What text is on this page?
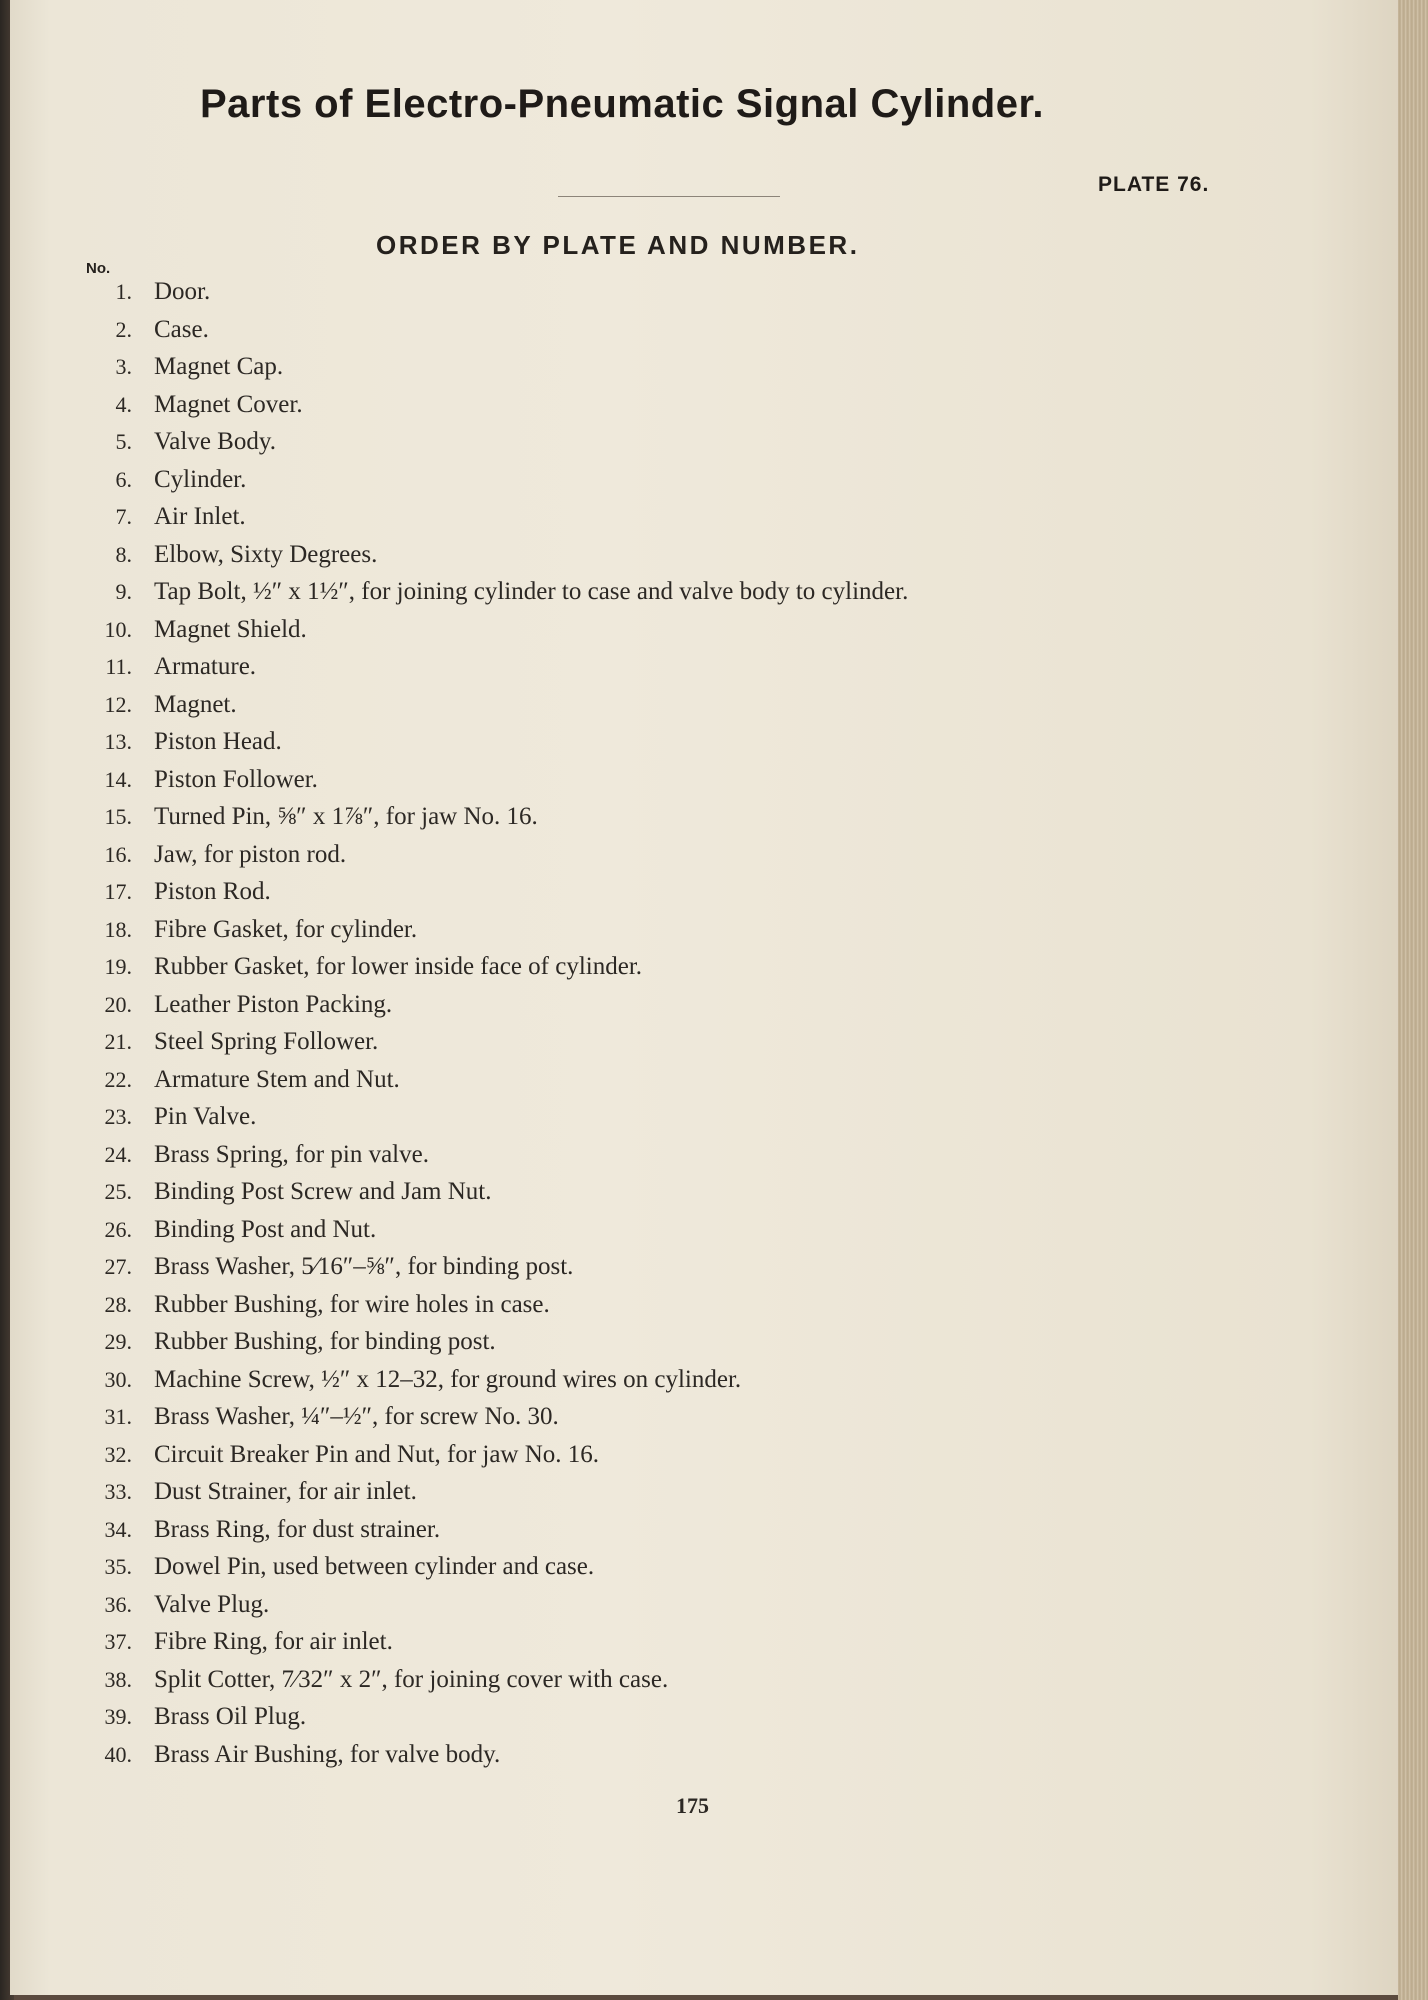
Parts of Electro-Pneumatic Signal Cylinder.
PLATE 76.
ORDER BY PLATE AND NUMBER.
No.
1. Door.
2. Case.
3. Magnet Cap.
4. Magnet Cover.
5. Valve Body.
6. Cylinder.
7. Air Inlet.
8. Elbow, Sixty Degrees.
9. Tap Bolt, ½″ x 1½″, for joining cylinder to case and valve body to cylinder.
10. Magnet Shield.
11. Armature.
12. Magnet.
13. Piston Head.
14. Piston Follower.
15. Turned Pin, ⅝″ x 1⅞″, for jaw No. 16.
16. Jaw, for piston rod.
17. Piston Rod.
18. Fibre Gasket, for cylinder.
19. Rubber Gasket, for lower inside face of cylinder.
20. Leather Piston Packing.
21. Steel Spring Follower.
22. Armature Stem and Nut.
23. Pin Valve.
24. Brass Spring, for pin valve.
25. Binding Post Screw and Jam Nut.
26. Binding Post and Nut.
27. Brass Washer, 5⁄16″–⅝″, for binding post.
28. Rubber Bushing, for wire holes in case.
29. Rubber Bushing, for binding post.
30. Machine Screw, ½″ x 12–32, for ground wires on cylinder.
31. Brass Washer, ¼″–½″, for screw No. 30.
32. Circuit Breaker Pin and Nut, for jaw No. 16.
33. Dust Strainer, for air inlet.
34. Brass Ring, for dust strainer.
35. Dowel Pin, used between cylinder and case.
36. Valve Plug.
37. Fibre Ring, for air inlet.
38. Split Cotter, 7⁄32″ x 2″, for joining cover with case.
39. Brass Oil Plug.
40. Brass Air Bushing, for valve body.
175
